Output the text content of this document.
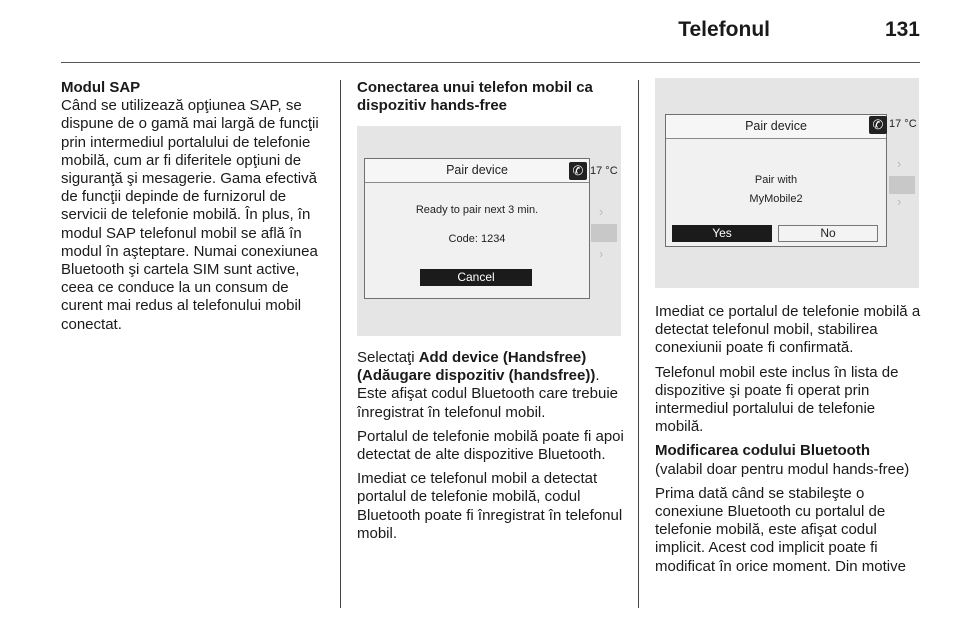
Telefonul	131
Modul SAP

Când se utilizează opţiunea SAP, se dispune de o gamă mai largă de funcţii prin intermediul portalului de telefonie mobilă, cum ar fi diferitele opţiuni de siguranţă şi mesagerie. Gama efectivă de funcţii depinde de furnizorul de servicii de telefonie mobilă. În plus, în modul SAP telefonul mobil se află în modul în aşteptare. Numai conexiunea Bluetooth şi cartela SIM sunt active, ceea ce conduce la un consum de curent mai redus al telefonului mobil conectat.

Conectarea unui telefon mobil ca dispozitiv hands-free
Pair device
Ready to pair next 3 min.
Code: 1234
Cancel
✆ 17 °C
›
›

Selectaţi Add device (Handsfree) (Adăugare dispozitiv (handsfree)). Este afişat codul Bluetooth care trebuie înregistrat în telefonul mobil.

Portalul de telefonie mobilă poate fi apoi detectat de alte dispozitive Bluetooth.

Imediat ce telefonul mobil a detectat portalul de telefonie mobilă, codul Bluetooth poate fi înregistrat în telefonul mobil.

Pair device
Pair with
MyMobile2
Yes	No
✆ 17 °C
›
›

Imediat ce portalul de telefonie mobilă a detectat telefonul mobil, stabilirea conexiunii poate fi confirmată.

Telefonul mobil este inclus în lista de dispozitive şi poate fi operat prin intermediul portalului de telefonie mobilă.

Modificarea codului Bluetooth

(valabil doar pentru modul hands-free)

Prima dată când se stabileşte o conexiune Bluetooth cu portalul de telefonie mobilă, este afişat codul implicit. Acest cod implicit poate fi modificat în orice moment. Din motive
